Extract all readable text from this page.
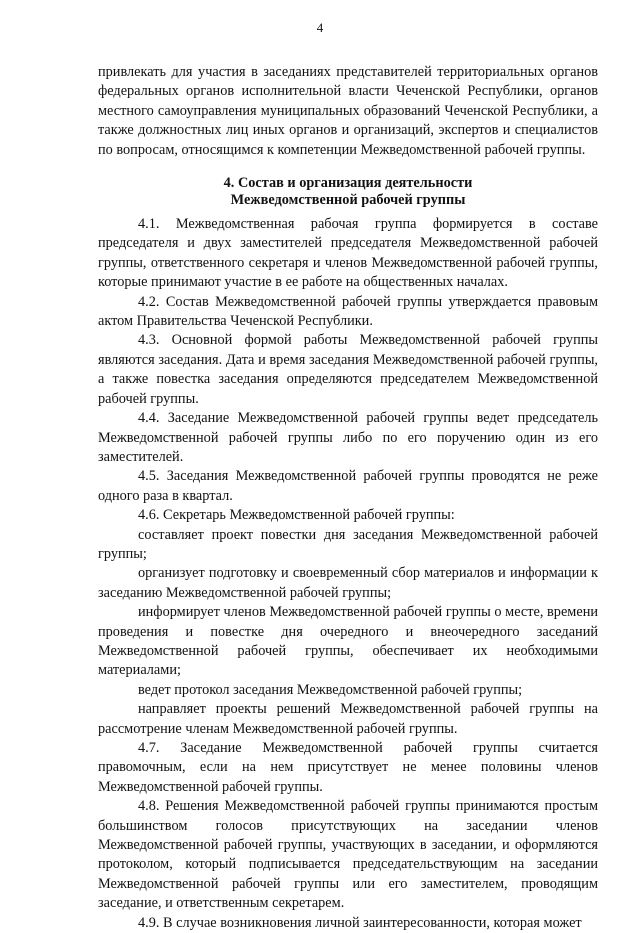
4

привлекать для участия в заседаниях представителей территориальных органов федеральных органов исполнительной власти Чеченской Республики, органов местного самоуправления муниципальных образований Чеченской Республики, а также должностных лиц иных органов и организаций, экспертов и специалистов по вопросам, относящимся к компетенции Межведомственной рабочей группы.

4. Состав и организация деятельности
Межведомственной рабочей группы

4.1. Межведомственная рабочая группа формируется в составе председателя и двух заместителей председателя Межведомственной рабочей группы, ответственного секретаря и членов Межведомственной рабочей группы, которые принимают участие в ее работе на общественных началах.

4.2. Состав Межведомственной рабочей группы утверждается правовым актом Правительства Чеченской Республики.

4.3. Основной формой работы Межведомственной рабочей группы являются заседания. Дата и время заседания Межведомственной рабочей группы, а также повестка заседания определяются председателем Межведомственной рабочей группы.

4.4. Заседание Межведомственной рабочей группы ведет председатель Межведомственной рабочей группы либо по его поручению один из его заместителей.

4.5. Заседания Межведомственной рабочей группы проводятся не реже одного раза в квартал.

4.6. Секретарь Межведомственной рабочей группы:

составляет проект повестки дня заседания Межведомственной рабочей группы;

организует подготовку и своевременный сбор материалов и информации к заседанию Межведомственной рабочей группы;

информирует членов Межведомственной рабочей группы о месте, времени проведения и повестке дня очередного и внеочередного заседаний Межведомственной рабочей группы, обеспечивает их необходимыми материалами;

ведет протокол заседания Межведомственной рабочей группы;

направляет проекты решений Межведомственной рабочей группы на рассмотрение членам Межведомственной рабочей группы.

4.7. Заседание Межведомственной рабочей группы считается правомочным, если на нем присутствует не менее половины членов Межведомственной рабочей группы.

4.8. Решения Межведомственной рабочей группы принимаются простым большинством голосов присутствующих на заседании членов Межведомственной рабочей группы, участвующих в заседании, и оформляются протоколом, который подписывается председательствующим на заседании Межведомственной рабочей группы или его заместителем, проводящим заседание, и ответственным секретарем.

4.9. В случае возникновения личной заинтересованности, которая может
